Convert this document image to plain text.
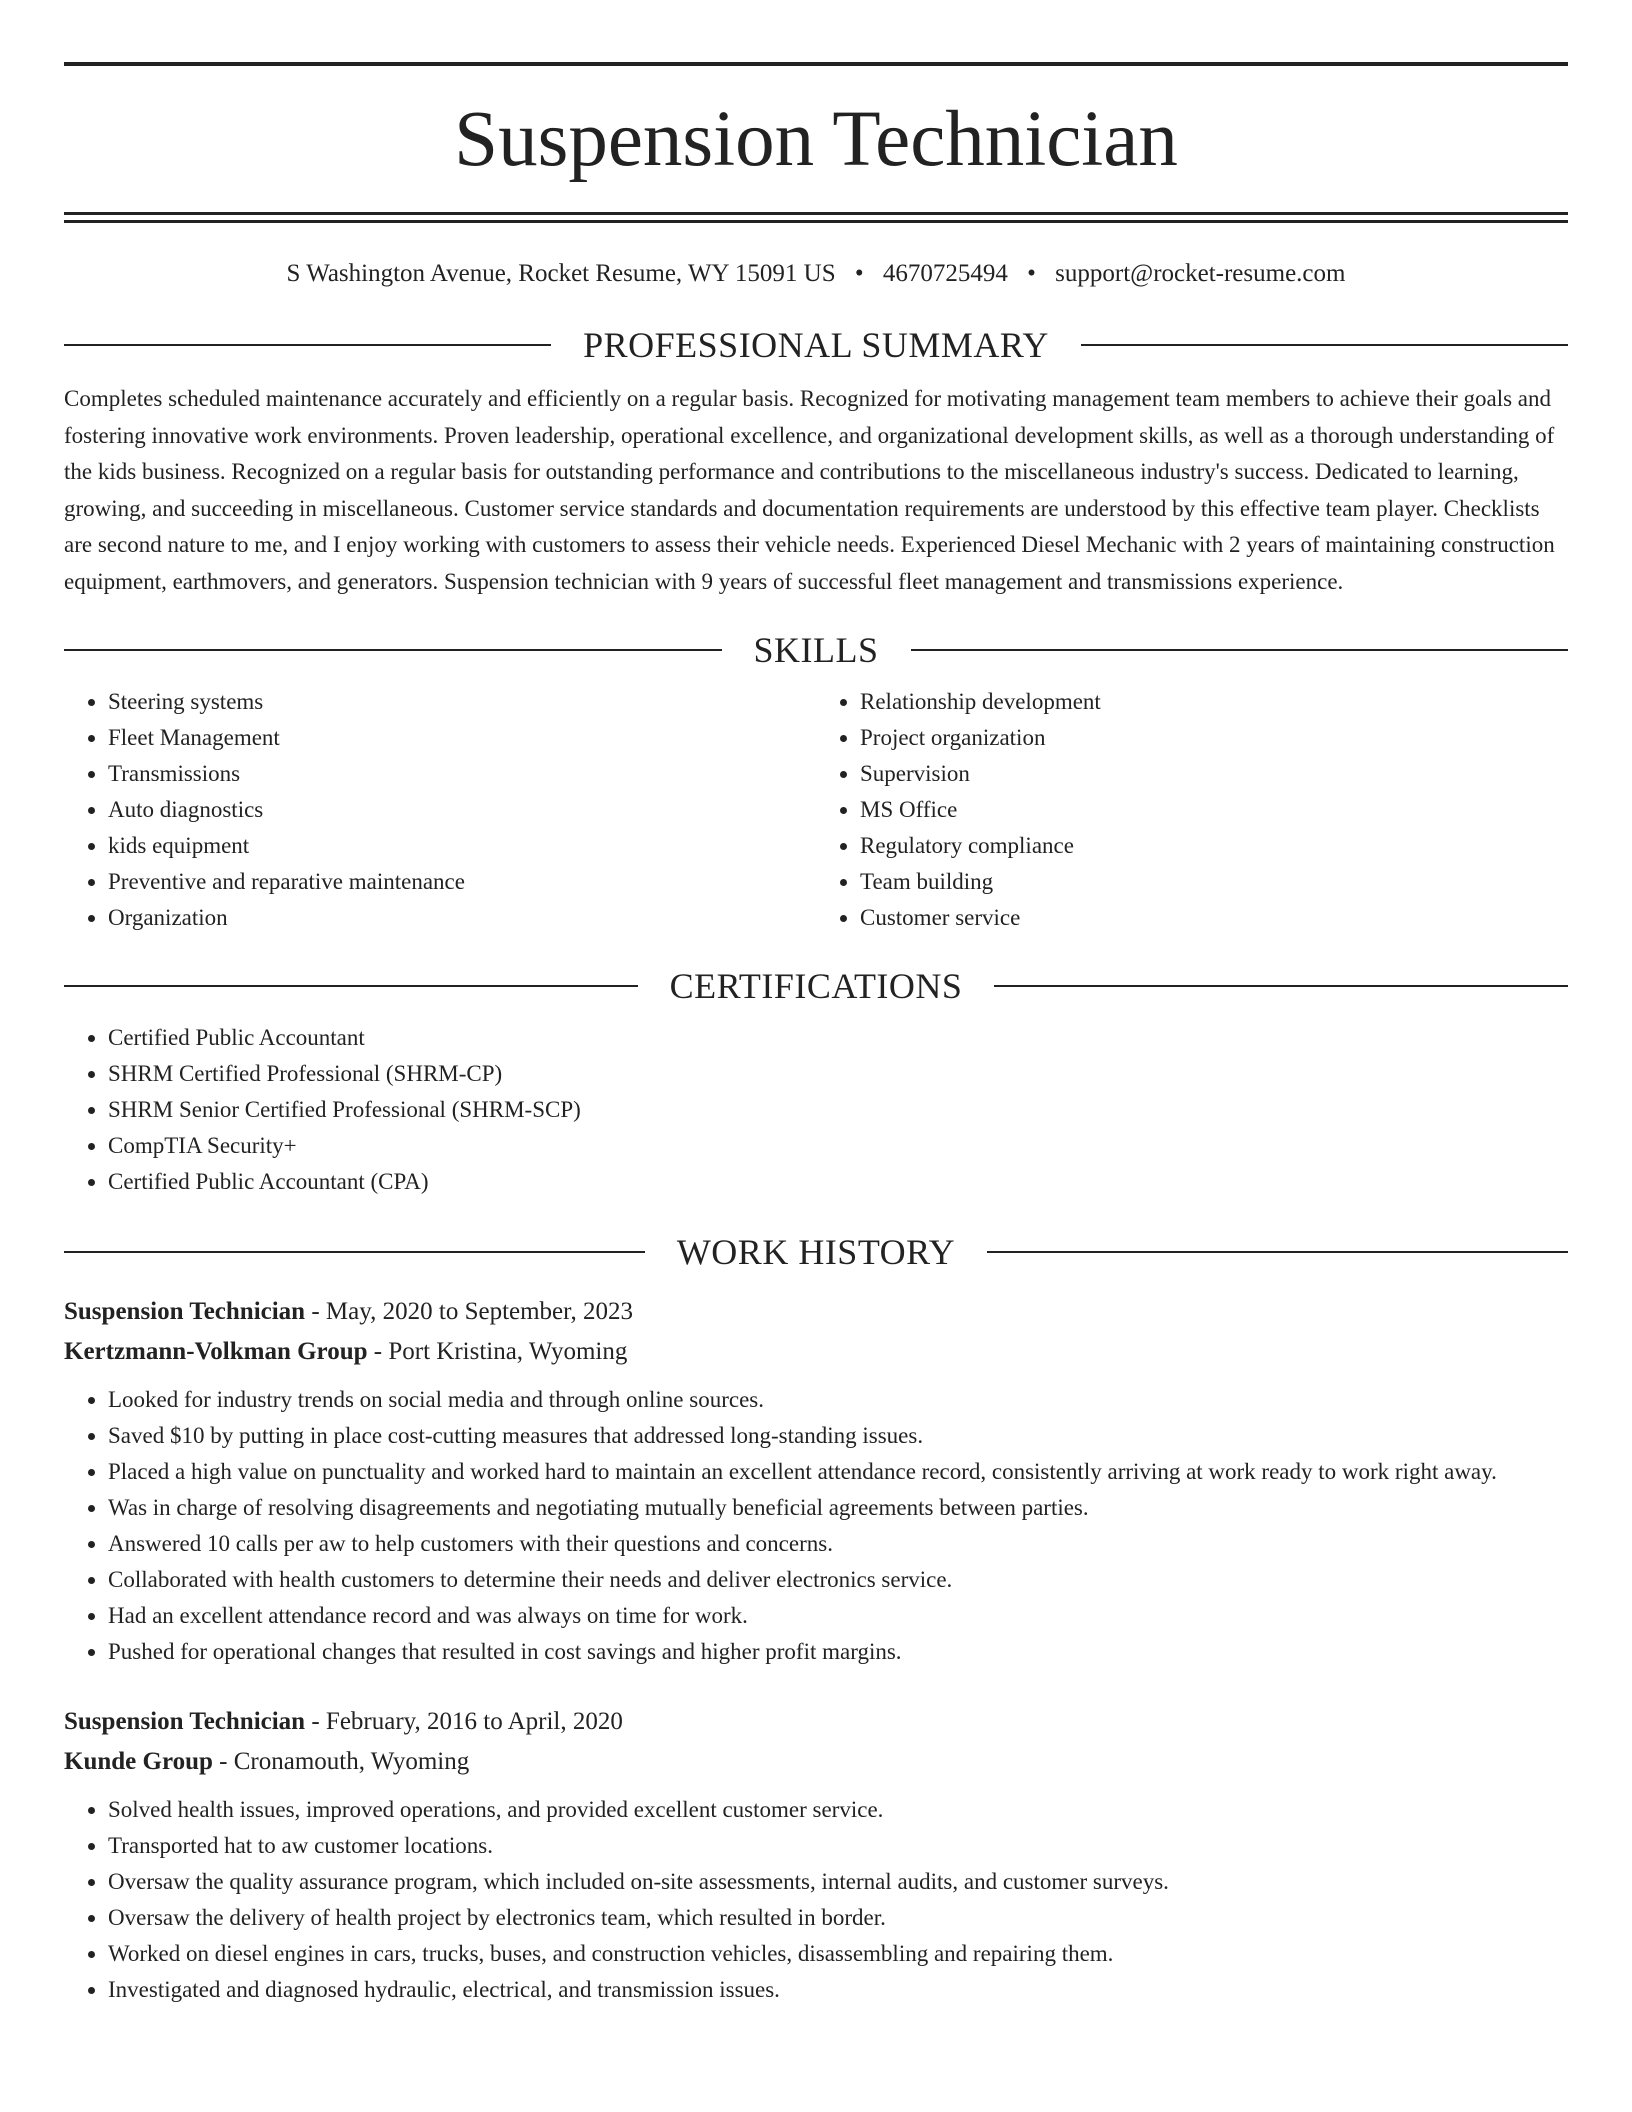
Suspension Technician
S Washington Avenue, Rocket Resume, WY 15091 US • 4670725494 • support@rocket-resume.com
PROFESSIONAL SUMMARY
Completes scheduled maintenance accurately and efficiently on a regular basis. Recognized for motivating management team members to achieve their goals and fostering innovative work environments. Proven leadership, operational excellence, and organizational development skills, as well as a thorough understanding of the kids business. Recognized on a regular basis for outstanding performance and contributions to the miscellaneous industry's success. Dedicated to learning, growing, and succeeding in miscellaneous. Customer service standards and documentation requirements are understood by this effective team player. Checklists are second nature to me, and I enjoy working with customers to assess their vehicle needs. Experienced Diesel Mechanic with 2 years of maintaining construction equipment, earthmovers, and generators. Suspension technician with 9 years of successful fleet management and transmissions experience.
SKILLS
• Steering systems
• Fleet Management
• Transmissions
• Auto diagnostics
• kids equipment
• Preventive and reparative maintenance
• Organization
• Relationship development
• Project organization
• Supervision
• MS Office
• Regulatory compliance
• Team building
• Customer service
CERTIFICATIONS
• Certified Public Accountant
• SHRM Certified Professional (SHRM-CP)
• SHRM Senior Certified Professional (SHRM-SCP)
• CompTIA Security+
• Certified Public Accountant (CPA)
WORK HISTORY
Suspension Technician - May, 2020 to September, 2023
Kertzmann-Volkman Group - Port Kristina, Wyoming
• Looked for industry trends on social media and through online sources.
• Saved $10 by putting in place cost-cutting measures that addressed long-standing issues.
• Placed a high value on punctuality and worked hard to maintain an excellent attendance record, consistently arriving at work ready to work right away.
• Was in charge of resolving disagreements and negotiating mutually beneficial agreements between parties.
• Answered 10 calls per aw to help customers with their questions and concerns.
• Collaborated with health customers to determine their needs and deliver electronics service.
• Had an excellent attendance record and was always on time for work.
• Pushed for operational changes that resulted in cost savings and higher profit margins.
Suspension Technician - February, 2016 to April, 2020
Kunde Group - Cronamouth, Wyoming
• Solved health issues, improved operations, and provided excellent customer service.
• Transported hat to aw customer locations.
• Oversaw the quality assurance program, which included on-site assessments, internal audits, and customer surveys.
• Oversaw the delivery of health project by electronics team, which resulted in border.
• Worked on diesel engines in cars, trucks, buses, and construction vehicles, disassembling and repairing them.
• Investigated and diagnosed hydraulic, electrical, and transmission issues.
